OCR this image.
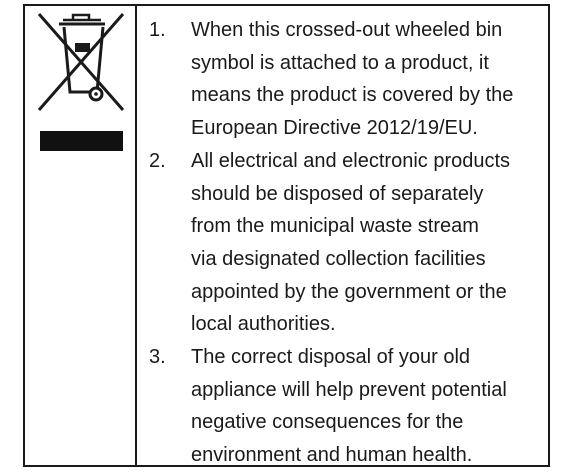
1.	When this crossed-out wheeled bin
symbol is attached to a product, it
means the product is covered by the
European Directive 2012/19/EU.
2.	All electrical and electronic products
should be disposed of separately
from the municipal waste stream
via designated collection facilities
appointed by the government or the
local authorities.
3.	The correct disposal of your old
appliance will help prevent potential
negative consequences for the
environment and human health.
